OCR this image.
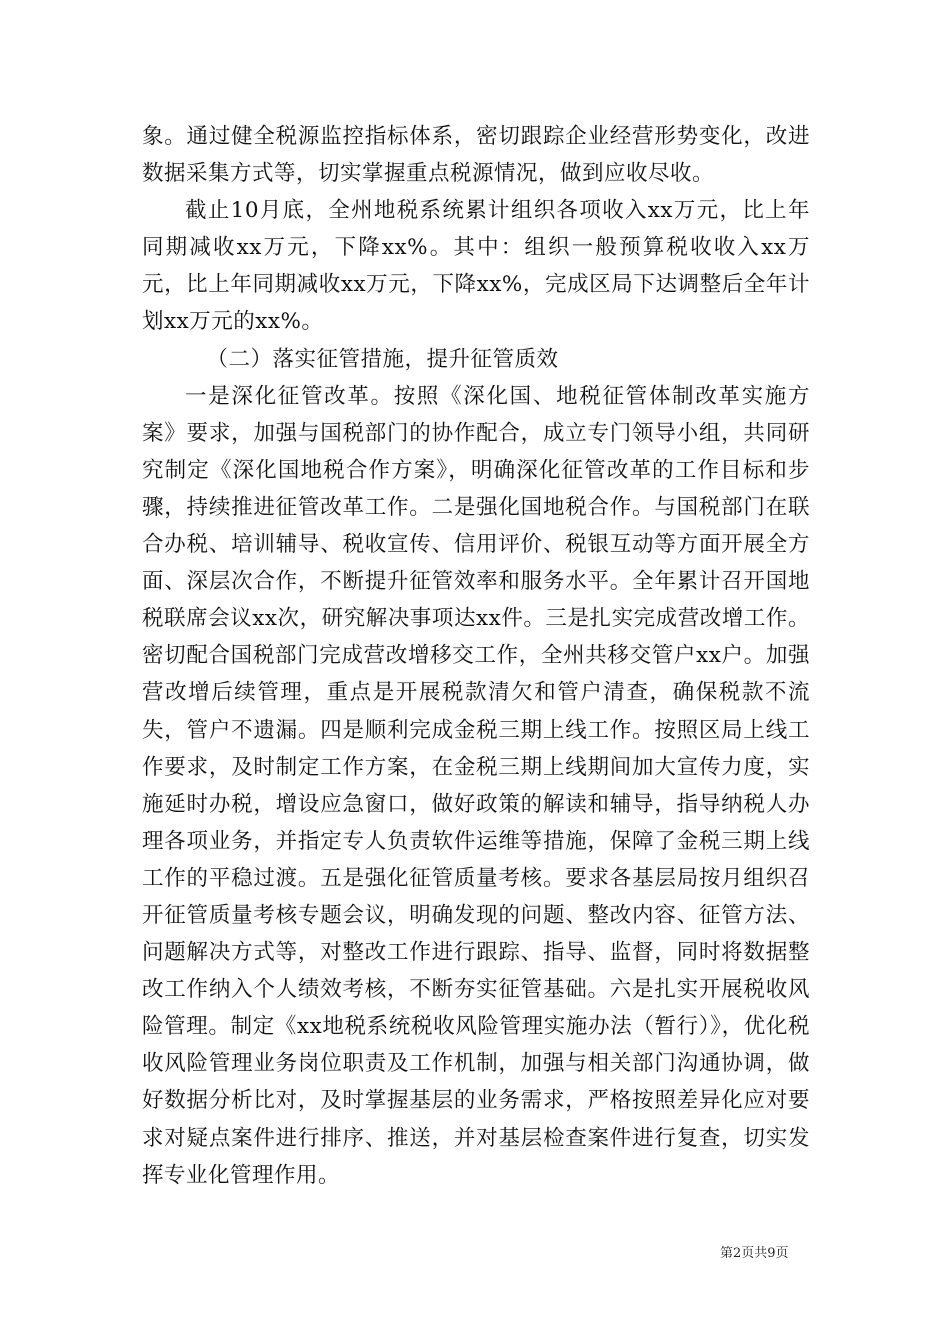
象。通过健全税源监控指标体系，密切跟踪企业经营形势变化，改进数据采集方式等，切实掌握重点税源情况，做到应收尽收。

截止10月底，全州地税系统累计组织各项收入xx万元，比上年同期减收xx万元，下降xx%。其中：组织一般预算税收收入xx万元，比上年同期减收xx万元，下降xx%，完成区局下达调整后全年计划xx万元的xx%。

（二）落实征管措施，提升征管质效

一是深化征管改革。按照《深化国、地税征管体制改革实施方案》要求，加强与国税部门的协作配合，成立专门领导小组，共同研究制定《深化国地税合作方案》，明确深化征管改革的工作目标和步骤，持续推进征管改革工作。二是强化国地税合作。与国税部门在联合办税、培训辅导、税收宣传、信用评价、税银互动等方面开展全方面、深层次合作，不断提升征管效率和服务水平。全年累计召开国地税联席会议xx次，研究解决事项达xx件。三是扎实完成营改增工作。密切配合国税部门完成营改增移交工作，全州共移交管户xx户。加强营改增后续管理，重点是开展税款清欠和管户清查，确保税款不流失，管户不遗漏。四是顺利完成金税三期上线工作。按照区局上线工作要求，及时制定工作方案，在金税三期上线期间加大宣传力度，实施延时办税，增设应急窗口，做好政策的解读和辅导，指导纳税人办理各项业务，并指定专人负责软件运维等措施，保障了金税三期上线工作的平稳过渡。五是强化征管质量考核。要求各基层局按月组织召开征管质量考核专题会议，明确发现的问题、整改内容、征管方法、问题解决方式等，对整改工作进行跟踪、指导、监督，同时将数据整改工作纳入个人绩效考核，不断夯实征管基础。六是扎实开展税收风险管理。制定《xx地税系统税收风险管理实施办法（暂行）》，优化税收风险管理业务岗位职责及工作机制，加强与相关部门沟通协调，做好数据分析比对，及时掌握基层的业务需求，严格按照差异化应对要求对疑点案件进行排序、推送，并对基层检查案件进行复查，切实发挥专业化管理作用。

第2页共9页
